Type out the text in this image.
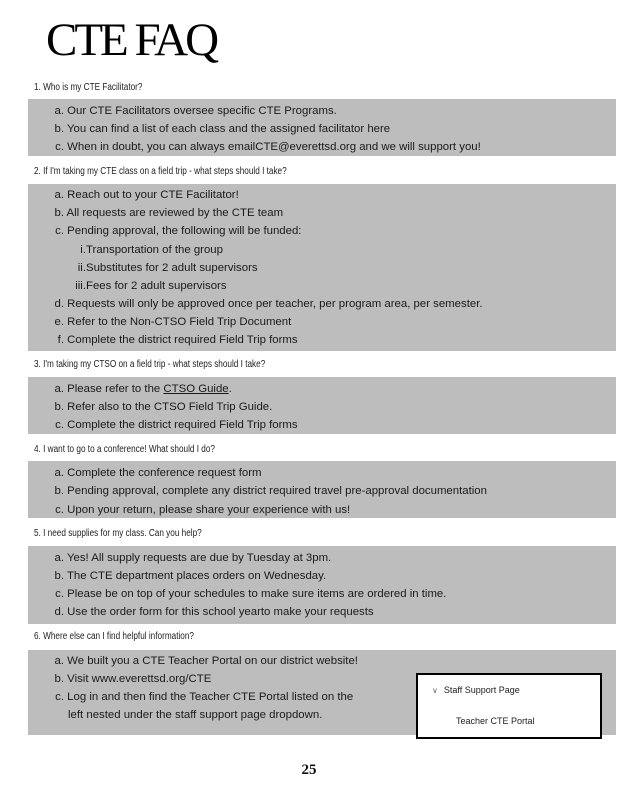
CTE FAQ
1. Who is my CTE Facilitator?
a. Our CTE Facilitators oversee specific CTE Programs.
b. You can find a list of each class and the assigned facilitator here
c. When in doubt, you can always emailCTE@everettsd.org and we will support you!
2. If I'm taking my CTE class on a field trip - what steps should I take?
a. Reach out to your CTE Facilitator!
b. All requests are reviewed by the CTE team
c. Pending approval, the following will be funded:
i.Transportation of the group
ii.Substitutes for 2 adult supervisors
iii.Fees for 2 adult supervisors
d. Requests will only be approved once per teacher, per program area, per semester.
e. Refer to the Non-CTSO Field Trip Document
f. Complete the district required Field Trip forms
3. I'm taking my CTSO on a field trip - what steps should I take?
a. Please refer to the CTSO Guide.
b. Refer also to the CTSO Field Trip Guide.
c. Complete the district required Field Trip forms
4. I want to go to a conference! What should I do?
a. Complete the conference request form
b. Pending approval, complete any district required travel pre-approval documentation
c. Upon your return, please share your experience with us!
5. I need supplies for my class. Can you help?
a. Yes! All supply requests are due by Tuesday at 3pm.
b. The CTE department places orders on Wednesday.
c. Please be on top of your schedules to make sure items are ordered in time.
d. Use the order form for this school yearto make your requests
6. Where else can I find helpful information?
a. We built you a CTE Teacher Portal on our district website!
b. Visit www.everettsd.org/CTE
c. Log in and then find the Teacher CTE Portal listed on the
left nested under the staff support page dropdown.
∨ Staff Support Page
Teacher CTE Portal
25
